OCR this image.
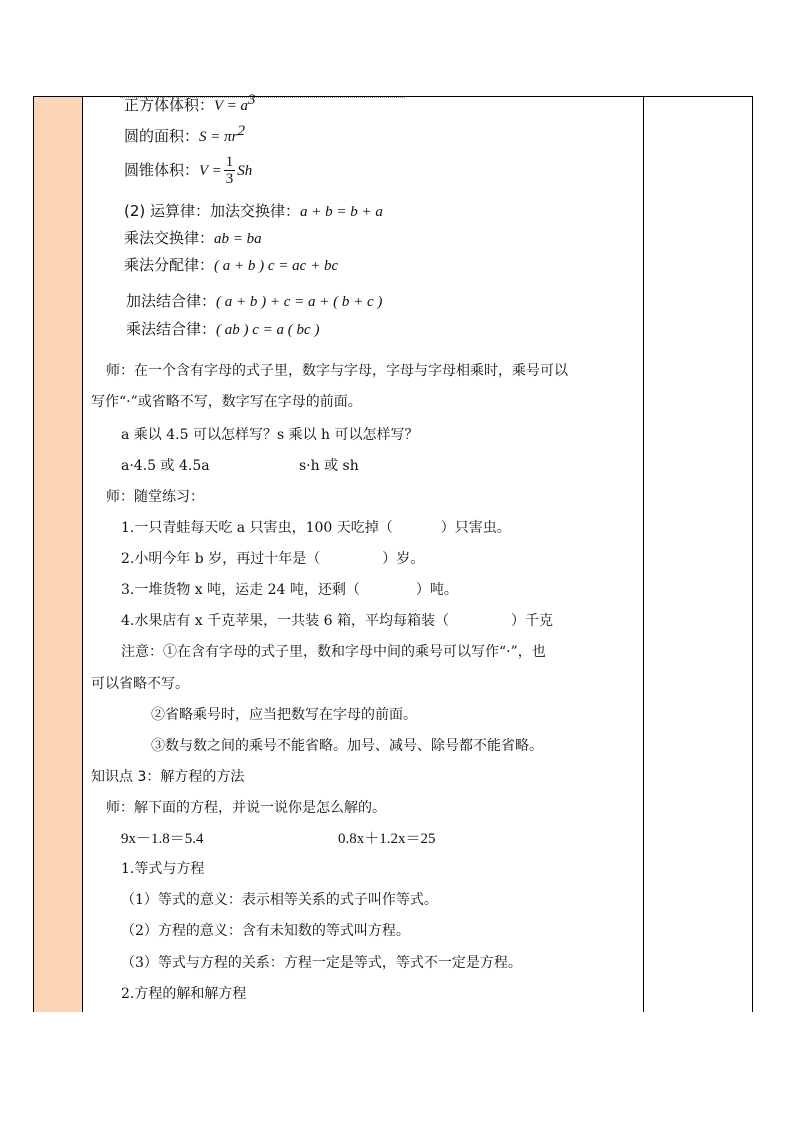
正方体体积：$V = a^3$
圆的面积：$S = \pi r^2$
圆锥体积：$V = \frac{1}{3}$ Sh
(2) 运算律：加法交换律：a + b = b + a
乘法交换律：ab = ba
乘法分配律：( a + b ) c = ac + bc
加法结合律：( a + b ) + c = a + ( b + c )
乘法结合律：( ab ) c = a ( bc )
师：在一个含有字母的式子里，数字与字母，字母与字母相乘时，乘号可以
写作“·”或省略不写，数字写在字母的前面。
a 乘以 4.5 可以怎样写？s 乘以 h 可以怎样写？
a·4.5 或 4.5a	s·h 或 sh
师：随堂练习：
1.一只青蛙每天吃 a 只害虫，100 天吃掉（	）只害虫。
2.小明今年 b 岁，再过十年是（	）岁。
3.一堆货物 x 吨，运走 24 吨，还剩（	）吨。
4.水果店有 x 千克苹果，一共装 6 箱，平均每箱装（	）千克
注意：①在含有字母的式子里，数和字母中间的乘号可以写作“·”，也
可以省略不写。
②省略乘号时，应当把数写在字母的前面。
③数与数之间的乘号不能省略。加号、减号、除号都不能省略。
知识点 3：解方程的方法
师：解下面的方程，并说一说你是怎么解的。
9x－1.8＝5.4	0.8x＋1.2x＝25
1.等式与方程
（1）等式的意义：表示相等关系的式子叫作等式。
（2）方程的意义：含有未知数的等式叫方程。
（3）等式与方程的关系：方程一定是等式，等式不一定是方程。
2.方程的解和解方程
